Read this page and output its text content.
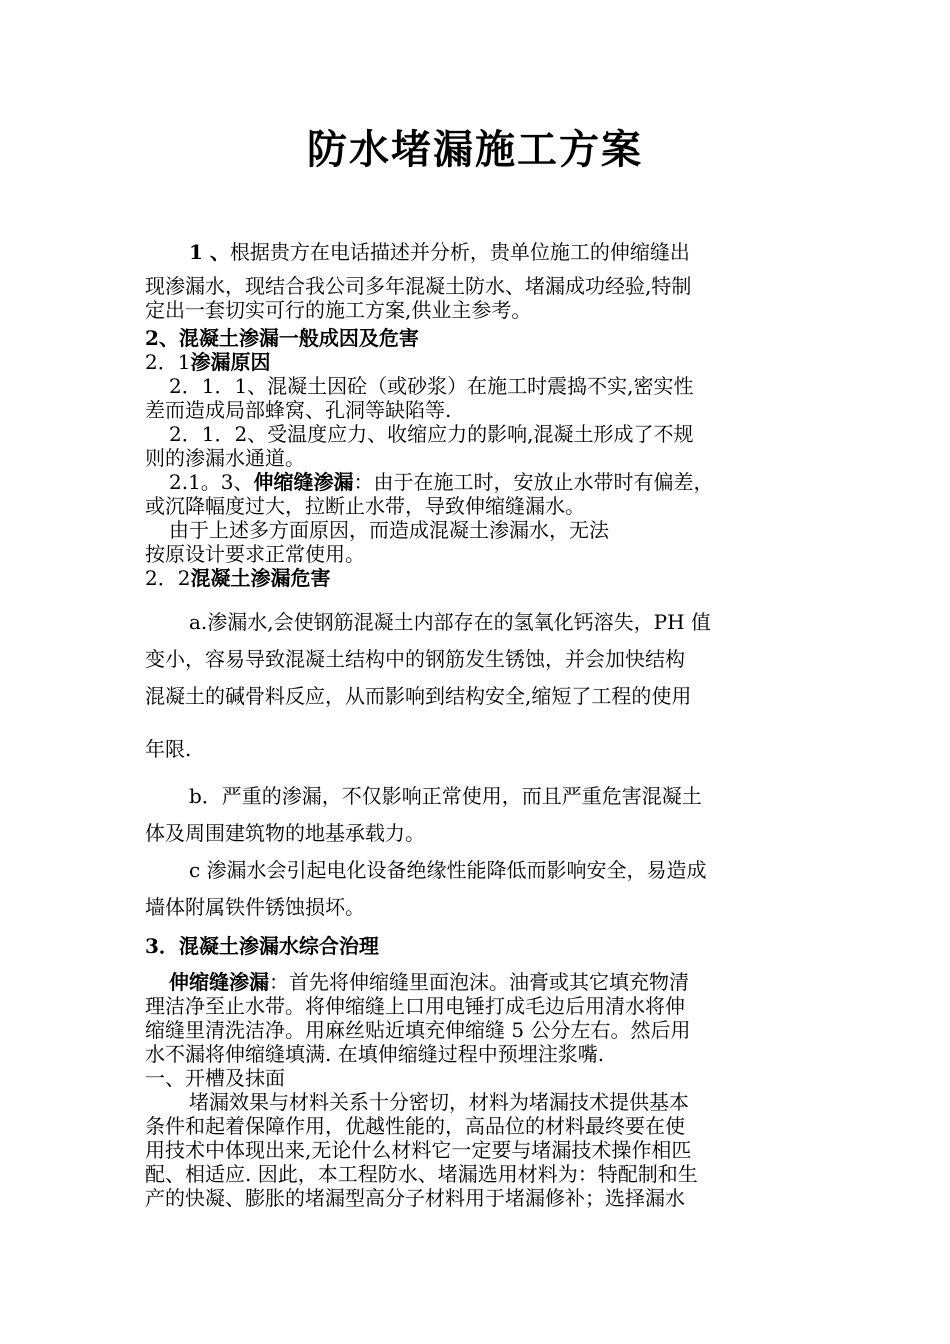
防水堵漏施工方案

1 、根据贵方在电话描述并分析，贵单位施工的伸缩缝出

现渗漏水，现结合我公司多年混凝土防水、堵漏成功经验,特制

定出一套切实可行的施工方案,供业主参考。

2、混凝土渗漏一般成因及危害

2．1渗漏原因

2．1．1、混凝土因砼（或砂浆）在施工时震捣不实,密实性

差而造成局部蜂窝、孔洞等缺陷等.

2．1．2、受温度应力、收缩应力的影响,混凝土形成了不规

则的渗漏水通道。

2.1。3、伸缩缝渗漏：由于在施工时，安放止水带时有偏差，

或沉降幅度过大，拉断止水带，导致伸缩缝漏水。

由于上述多方面原因，而造成混凝土渗漏水，无法

按原设计要求正常使用。

2．2混凝土渗漏危害

a.渗漏水,会使钢筋混凝土内部存在的氢氧化钙溶失，PH 值

变小，容易导致混凝土结构中的钢筋发生锈蚀，并会加快结构

混凝土的碱骨料反应，从而影响到结构安全,缩短了工程的使用

年限.

b．严重的渗漏，不仅影响正常使用，而且严重危害混凝土

体及周围建筑物的地基承载力。

c 渗漏水会引起电化设备绝缘性能降低而影响安全，易造成

墙体附属铁件锈蚀损坏。

3．混凝土渗漏水综合治理

伸缩缝渗漏：首先将伸缩缝里面泡沫。油膏或其它填充物清

理洁净至止水带。将伸缩缝上口用电锤打成毛边后用清水将伸

缩缝里清洗洁净。用麻丝贴近填充伸缩缝 5 公分左右。然后用

水不漏将伸缩缝填满. 在填伸缩缝过程中预埋注浆嘴.

一、开槽及抹面

堵漏效果与材料关系十分密切，材料为堵漏技术提供基本

条件和起着保障作用，优越性能的，高品位的材料最终要在使

用技术中体现出来,无论什么材料它一定要与堵漏技术操作相匹

配、相适应. 因此，本工程防水、堵漏选用材料为：特配制和生

产的快凝、膨胀的堵漏型高分子材料用于堵漏修补；选择漏水
